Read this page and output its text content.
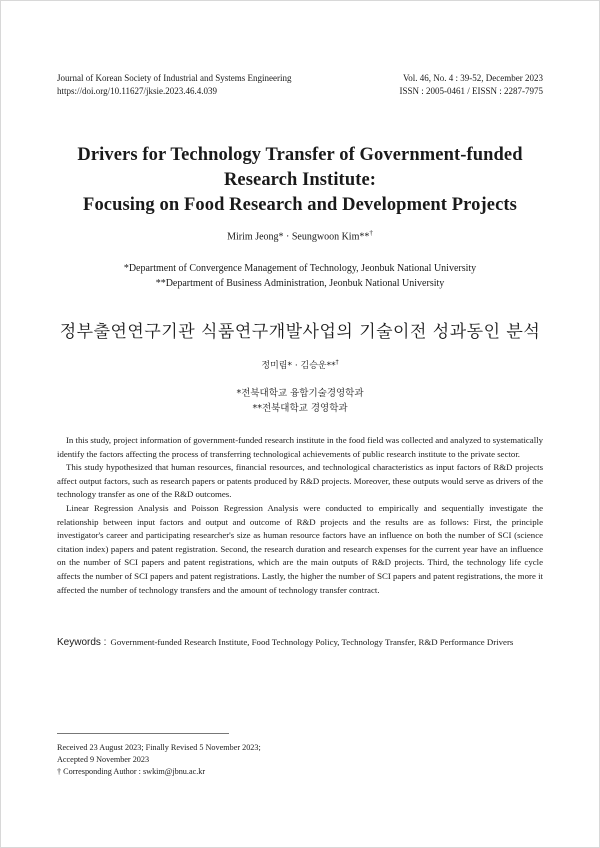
Journal of Korean Society of Industrial and Systems Engineering
https://doi.org/10.11627/jksie.2023.46.4.039
Vol. 46, No. 4 : 39-52, December 2023
ISSN : 2005-0461 / EISSN : 2287-7975
Drivers for Technology Transfer of Government-funded
Research Institute:
Focusing on Food Research and Development Projects
Mirim Jeong* · Seungwoon Kim**†
*Department of Convergence Management of Technology, Jeonbuk National University
**Department of Business Administration, Jeonbuk National University
정부출연연구기관 식품연구개발사업의 기술이전 성과동인 분석
정미림* · 김승운**†
*전북대학교 융합기술경영학과
**전북대학교 경영학과

In this study, project information of government-funded research institute in the food field was collected and analyzed to systematically identify the factors affecting the process of transferring technological achievements of public research institute to the private sector.

This study hypothesized that human resources, financial resources, and technological characteristics as input factors of R&D projects affect output factors, such as research papers or patents produced by R&D projects. Moreover, these outputs would serve as drivers of the technology transfer as one of the R&D outcomes.

Linear Regression Analysis and Poisson Regression Analysis were conducted to empirically and sequentially investigate the relationship between input factors and output and outcome of R&D projects and the results are as follows: First, the principle investigator's career and participating researcher's size as human resource factors have an influence on both the number of SCI (science citation index) papers and patent registration. Second, the research duration and research expenses for the current year have an influence on the number of SCI papers and patent registrations, which are the main outputs of R&D projects. Third, the technology life cycle affects the number of SCI papers and patent registrations. Lastly, the higher the number of SCI papers and patent registrations, the more it affected the number of technology transfers and the amount of technology transfer contract.

Keywords : Government-funded Research Institute, Food Technology Policy, Technology Transfer, R&D Performance Drivers
Received 23 August 2023; Finally Revised 5 November 2023;
Accepted 9 November 2023
† Corresponding Author : swkim@jbnu.ac.kr
